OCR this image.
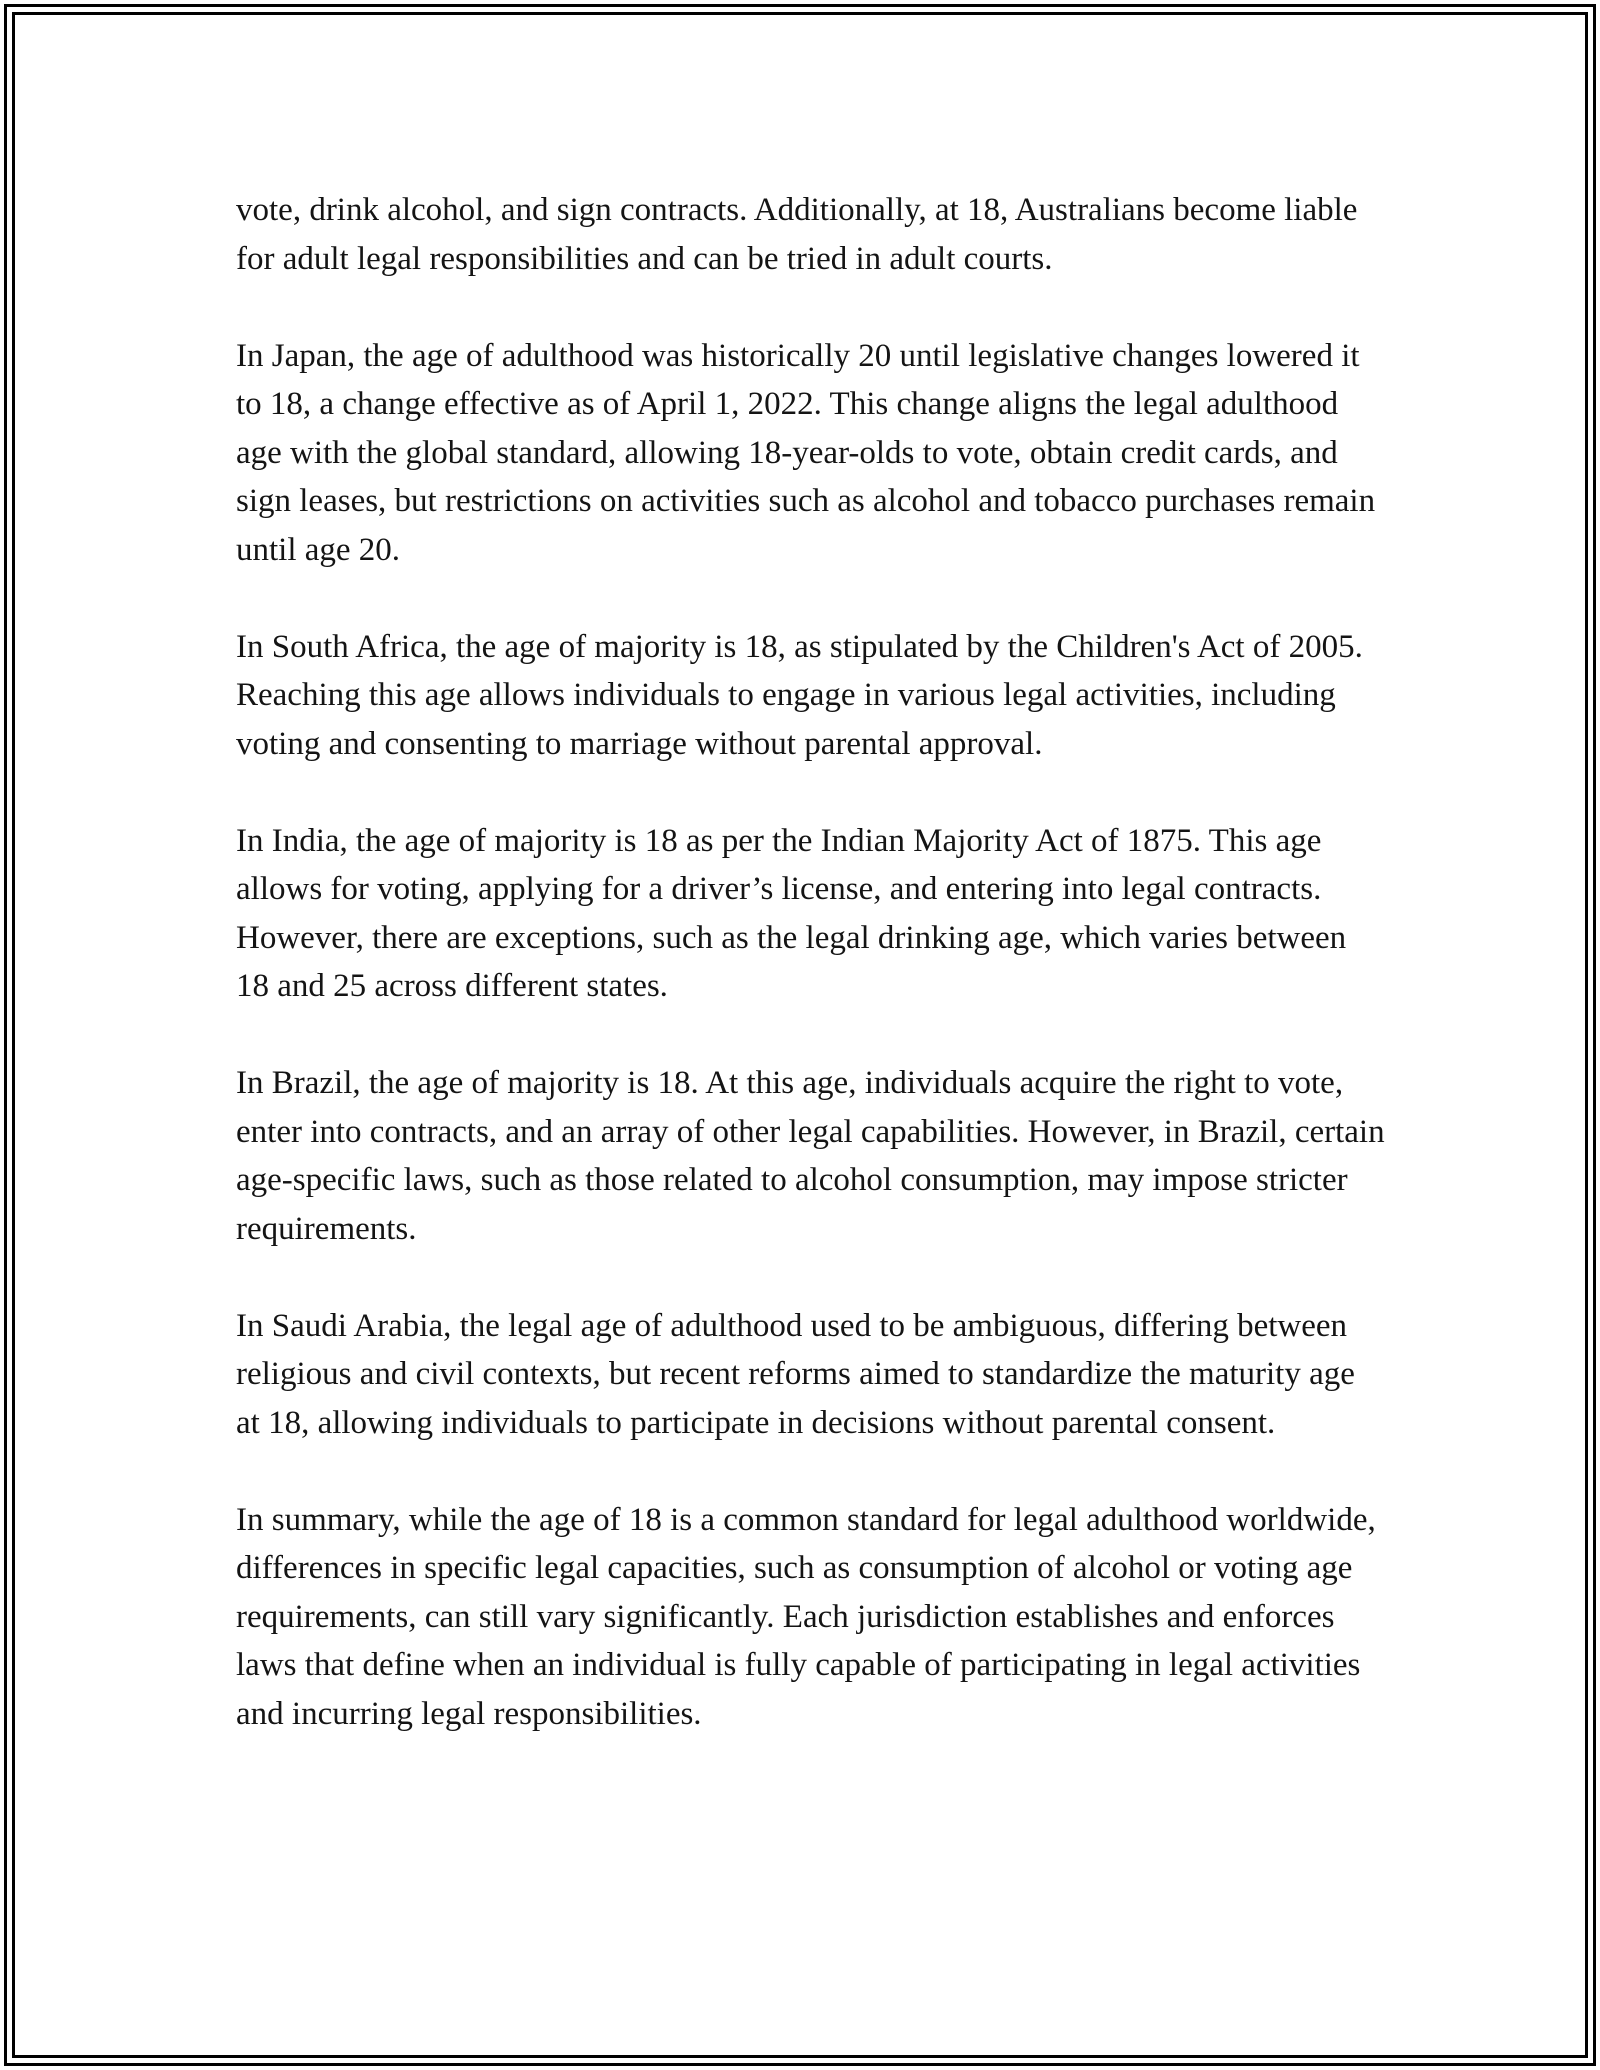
vote, drink alcohol, and sign contracts. Additionally, at 18, Australians become liable for adult legal responsibilities and can be tried in adult courts.

In Japan, the age of adulthood was historically 20 until legislative changes lowered it to 18, a change effective as of April 1, 2022. This change aligns the legal adulthood age with the global standard, allowing 18-year-olds to vote, obtain credit cards, and sign leases, but restrictions on activities such as alcohol and tobacco purchases remain until age 20.

In South Africa, the age of majority is 18, as stipulated by the Children's Act of 2005. Reaching this age allows individuals to engage in various legal activities, including voting and consenting to marriage without parental approval.

In India, the age of majority is 18 as per the Indian Majority Act of 1875. This age allows for voting, applying for a driver’s license, and entering into legal contracts. However, there are exceptions, such as the legal drinking age, which varies between 18 and 25 across different states.

In Brazil, the age of majority is 18. At this age, individuals acquire the right to vote, enter into contracts, and an array of other legal capabilities. However, in Brazil, certain age-specific laws, such as those related to alcohol consumption, may impose stricter requirements.

In Saudi Arabia, the legal age of adulthood used to be ambiguous, differing between religious and civil contexts, but recent reforms aimed to standardize the maturity age at 18, allowing individuals to participate in decisions without parental consent.

In summary, while the age of 18 is a common standard for legal adulthood worldwide, differences in specific legal capacities, such as consumption of alcohol or voting age requirements, can still vary significantly. Each jurisdiction establishes and enforces laws that define when an individual is fully capable of participating in legal activities and incurring legal responsibilities.
